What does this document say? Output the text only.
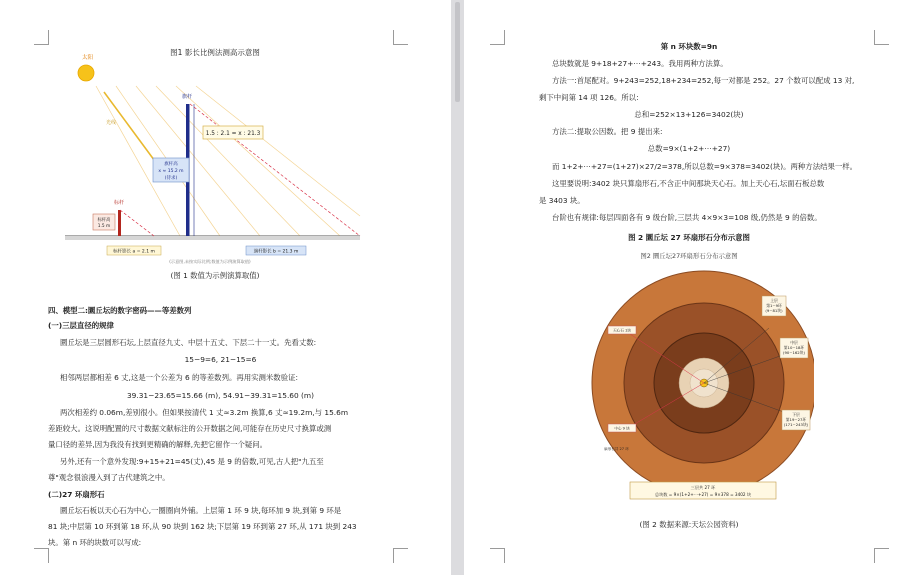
图1 影长比例法测高示意图
太阳
光线
旗杆
标杆
1.5 : 2.1 = x : 21.3
旗杆高
x ≈ 15.2 m
(待求)
标杆高
1.5 m
标杆影长 a = 2.1 m	旗杆影长 b = 21.3 m
(示意图,未按实际比例;数值为示例演算取值)
(图 1 数值为示例演算取值)
四、模型二:圜丘坛的数字密码——等差数列
(一)三层直径的规律
圜丘坛是三层圆形石坛,上层直径九丈、中层十五丈、下层二十一丈。先看丈数:
15−9=6, 21−15=6
相邻两层都相差 6 丈,这是一个公差为 6 的等差数列。再用实测米数验证:
39.31−23.65=15.66 (m), 54.91−39.31=15.60 (m)
两次相差约 0.06m,差别很小。但如果按清代 1 丈≈3.2m 换算,6 丈≈19.2m,与 15.6m
差距较大。这说明配置的尺寸数据文献标注的公开数据之间,可能存在历史尺寸换算或测
量口径的差异,因为我没有找到更精确的解释,先把它留作一个疑问。
另外,还有一个意外发现:9+15+21=45(丈),45 是 9 的倍数,可见,古人把"九五至
尊"观念很浪漫入到了古代建筑之中。
(二)27 环扇形石
圜丘坛石板以天心石为中心,一圈圈向外铺。上层第 1 环 9 块,每环加 9 块,到第 9 环是
81 块;中层第 10 环到第 18 环,从 90 块到 162 块;下层第 19 环到第 27 环,从 171 块到 243
块。第 n 环的块数可以写成:
第 n 环块数=9n
总块数就是 9+18+27+⋯+243。我用两种方法算。
方法一:首尾配对。9+243=252,18+234=252,每一对都是 252。27 个数可以配成 13 对,
剩下中间第 14 项 126。所以:
总和=252×13+126=3402(块)
方法二:提取公因数。把 9 提出来:
总数=9×(1+2+⋯+27)
而 1+2+⋯+27=(1+27)×27/2=378,所以总数=9×378=3402(块)。两种方法结果一样。
这里要说明:3402 块只算扇形石,不含正中间那块天心石。加上天心石,坛面石板总数
是 3403 块。
台阶也有规律:每层四面各有 9 级台阶,三层共 4×9×3=108 级,仍然是 9 的倍数。
图 2 圜丘坛 27 环扇形石分布示意图
图2 圜丘坛27环扇形石分布示意图
上层
第1~9环
(9~81块)
中层
第10~18环
(90~162块)
下层
第19~27环
(171~243块)
天心石 1块
中心 9 块
扇形石共 27 环
三层共 27 环
总块数 = 9×(1+2+⋯+27) = 9×378 = 3402 块
(图 2 数据来源:天坛公园资料)
